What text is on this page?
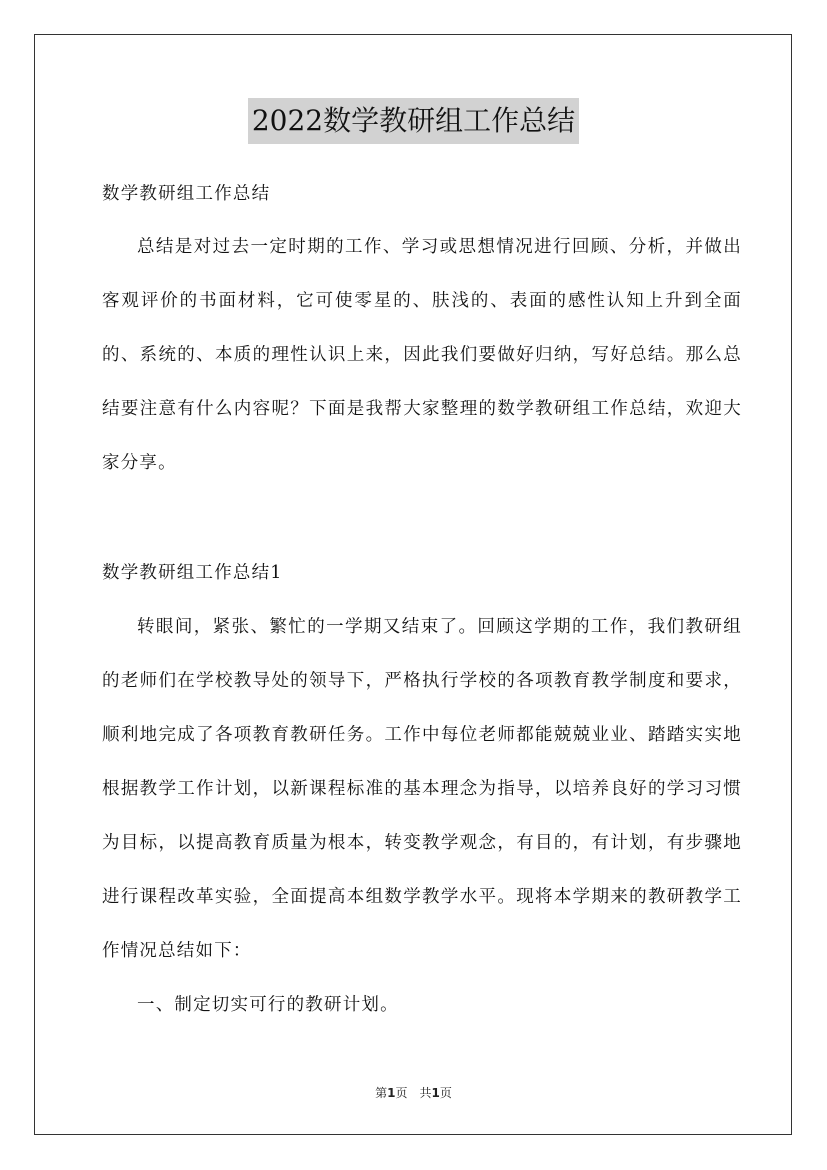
2022数学教研组工作总结
数学教研组工作总结

总结是对过去一定时期的工作、学习或思想情况进行回顾、分析，并做出客观评价的书面材料，它可使零星的、肤浅的、表面的感性认知上升到全面的、系统的、本质的理性认识上来，因此我们要做好归纳，写好总结。那么总结要注意有什么内容呢？下面是我帮大家整理的数学教研组工作总结，欢迎大家分享。

数学教研组工作总结1

转眼间，紧张、繁忙的一学期又结束了。回顾这学期的工作，我们教研组的老师们在学校教导处的领导下，严格执行学校的各项教育教学制度和要求，顺利地完成了各项教育教研任务。工作中每位老师都能兢兢业业、踏踏实实地根据教学工作计划，以新课程标准的基本理念为指导，以培养良好的学习习惯为目标，以提高教育质量为根本，转变教学观念，有目的，有计划，有步骤地进行课程改革实验，全面提高本组数学教学水平。现将本学期来的教研教学工作情况总结如下：

一、制定切实可行的教研计划。

第1页　共1页
